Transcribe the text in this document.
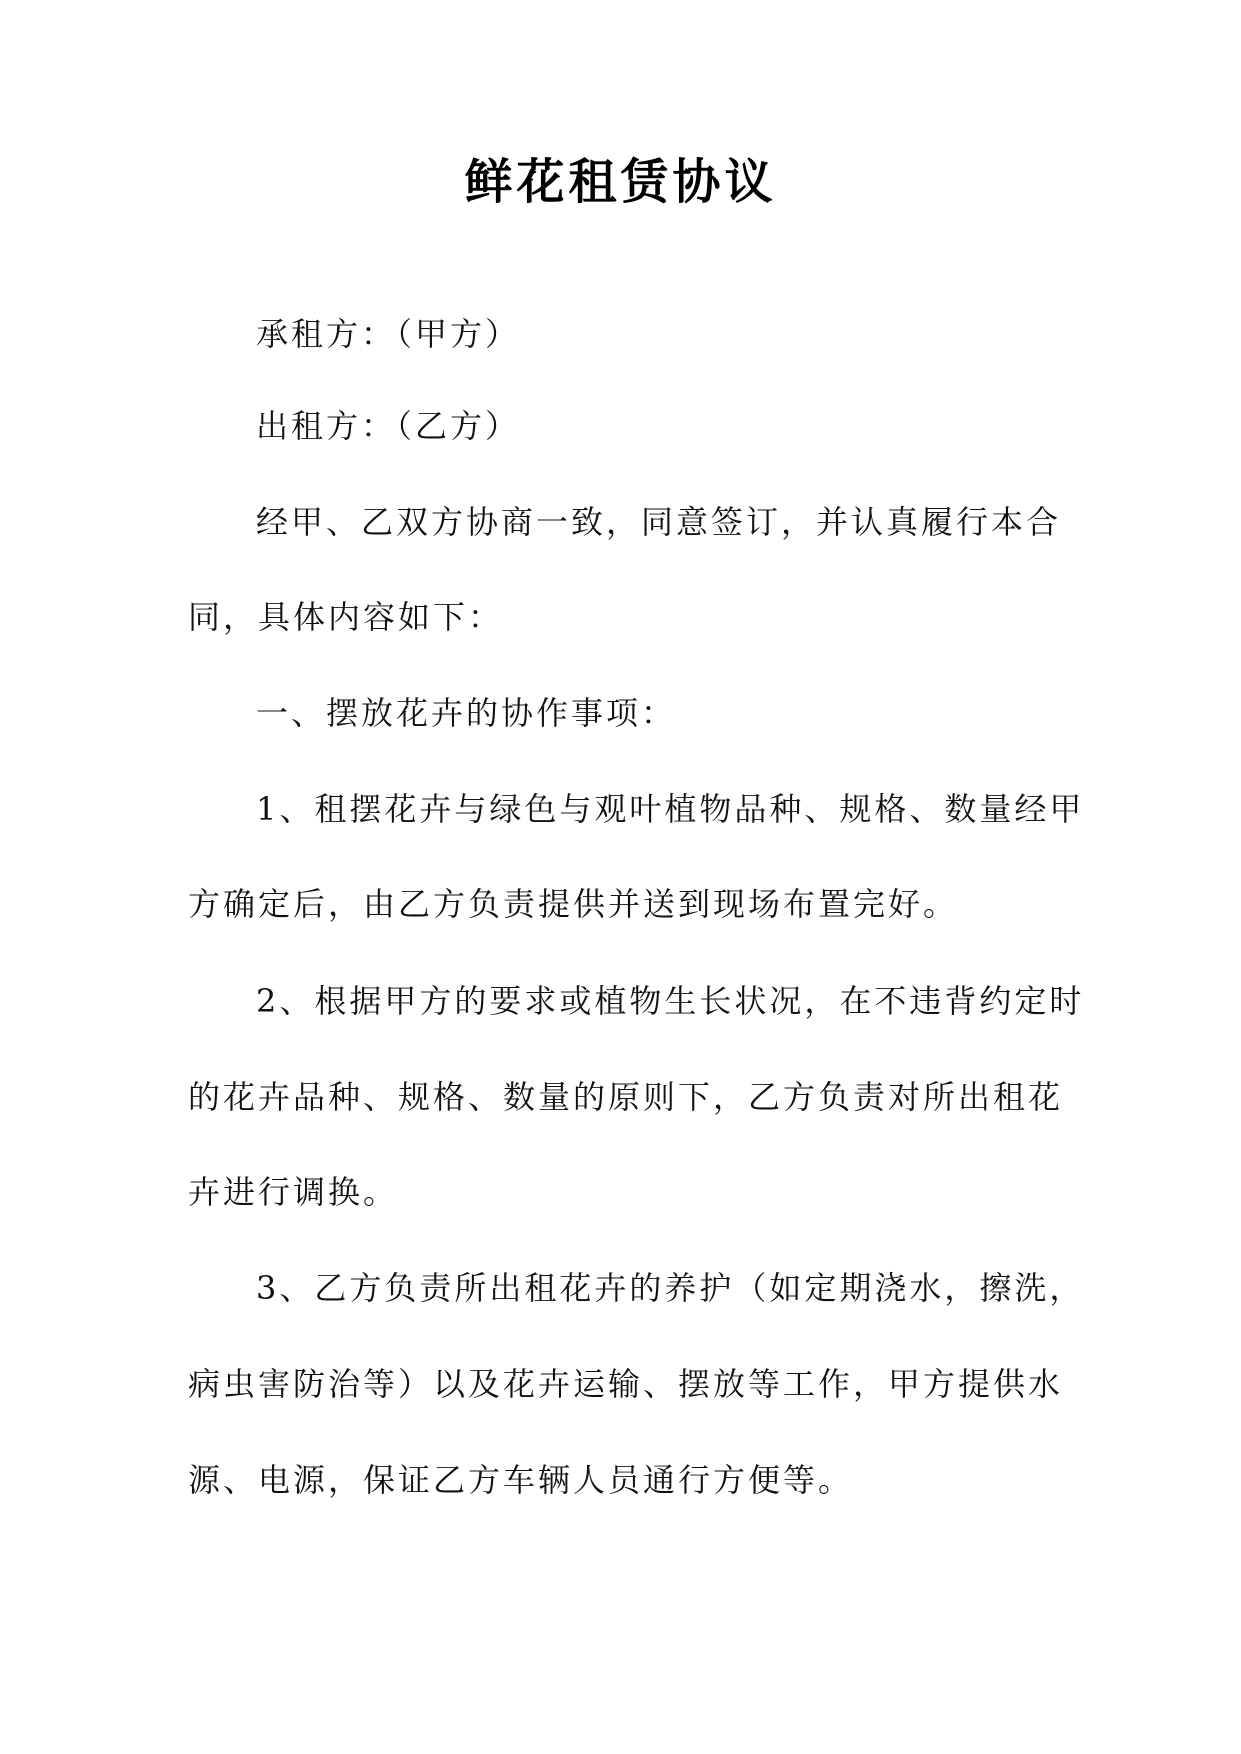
鲜花租赁协议
承租方：（甲方）
出租方：（乙方）
经甲、乙双方协商一致，同意签订，并认真履行本合
同，具体内容如下：
一、摆放花卉的协作事项：
1、租摆花卉与绿色与观叶植物品种、规格、数量经甲
方确定后，由乙方负责提供并送到现场布置完好。
2、根据甲方的要求或植物生长状况，在不违背约定时
的花卉品种、规格、数量的原则下，乙方负责对所出租花
卉进行调换。
3、乙方负责所出租花卉的养护（如定期浇水，擦洗，
病虫害防治等）以及花卉运输、摆放等工作，甲方提供水
源、电源，保证乙方车辆人员通行方便等。
